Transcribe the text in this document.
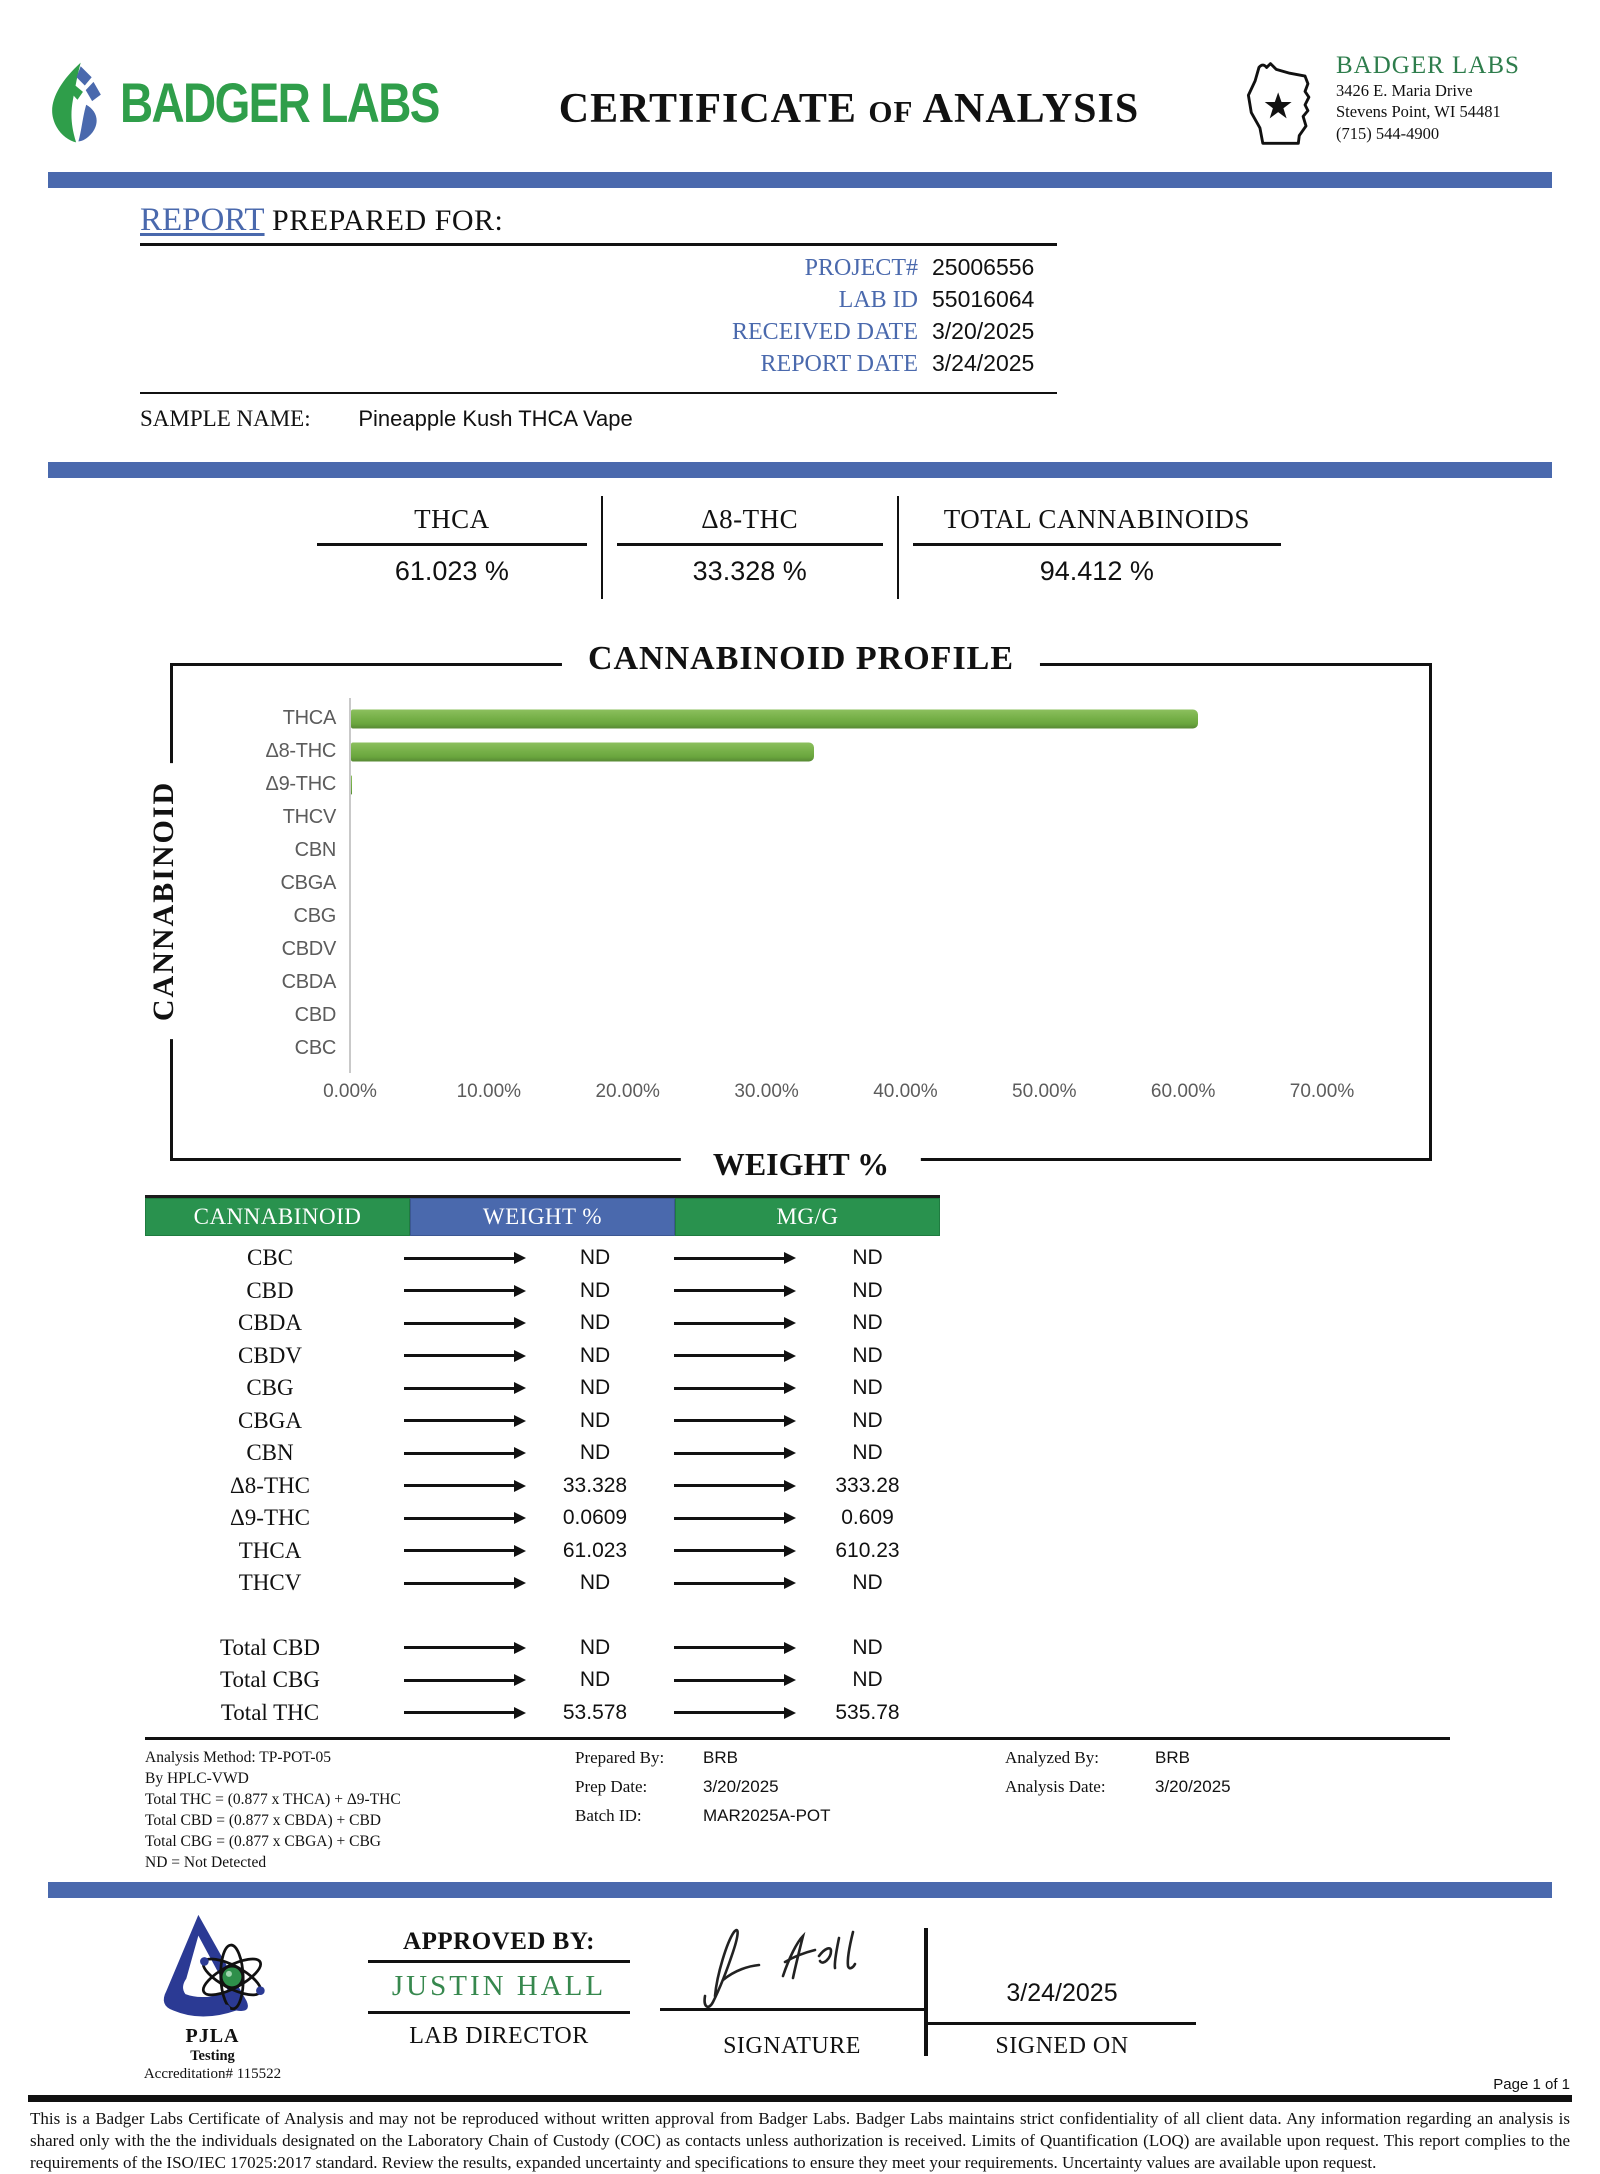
BADGER LABS	CERTIFICATE OF ANALYSIS
BADGER LABS
3426 E. Maria Drive
Stevens Point, WI 54481
(715) 544-4900
REPORT PREPARED FOR:
PROJECT# 25006556
LAB ID 55016064
RECEIVED DATE 3/20/2025
REPORT DATE 3/24/2025
SAMPLE NAME: Pineapple Kush THCA Vape
THCA
61.023 %
Δ8-THC
33.328 %
TOTAL CANNABINOIDS
94.412 %
CANNABINOID PROFILE
CANNABINOID
THCA
Δ8-THC
Δ9-THC
THCV
CBN
CBGA
CBG
CBDV
CBDA
CBD
CBC
0.00%	10.00%	20.00%	30.00%	40.00%	50.00%	60.00%	70.00%
WEIGHT %
CANNABINOID	WEIGHT %	MG/G
CBC	ND	ND
CBD	ND	ND
CBDA	ND	ND
CBDV	ND	ND
CBG	ND	ND
CBGA	ND	ND
CBN	ND	ND
Δ8-THC	33.328	333.28
Δ9-THC	0.0609	0.609
THCA	61.023	610.23
THCV	ND	ND
Total CBD	ND	ND
Total CBG	ND	ND
Total THC	53.578	535.78
Analysis Method: TP-POT-05
By HPLC-VWD
Total THC = (0.877 x THCA) + Δ9-THC
Total CBD = (0.877 x CBDA) + CBD
Total CBG = (0.877 x CBGA) + CBG
ND = Not Detected
Prepared By:	BRB
Prep Date:	3/20/2025
Batch ID:	MAR2025A-POT
Analyzed By:	BRB
Analysis Date:	3/20/2025
PJLA
Testing
Accreditation# 115522
APPROVED BY:
JUSTIN HALL
LAB DIRECTOR
3/24/2025
SIGNATURE	SIGNED ON
Page 1 of 1

This is a Badger Labs Certificate of Analysis and may not be reproduced without written approval from Badger Labs. Badger Labs maintains strict confidentiality of all client data. Any information regarding an analysis is shared only with the the individuals designated on the Laboratory Chain of Custody (COC) as contacts unless authorization is received. Limits of Quantification (LOQ) are available upon request. This report complies to the requirements of the ISO/IEC 17025:2017 standard. Review the results, expanded uncertainty and specifications to ensure they meet your requirements. Uncertainty values are available upon request.
